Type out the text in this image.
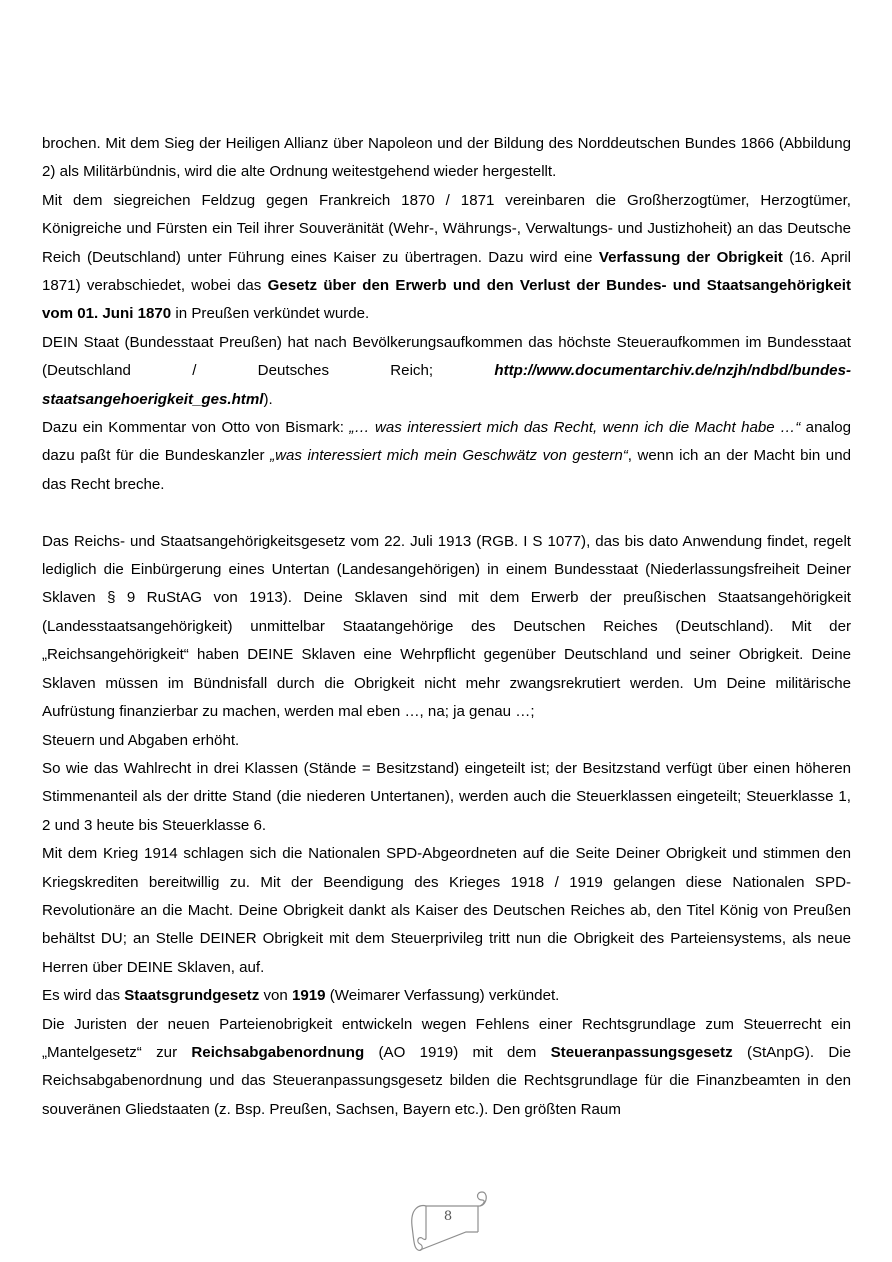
brochen. Mit dem Sieg der Heiligen Allianz über Napoleon und der Bildung des Norddeutschen Bundes 1866 (Abbildung 2) als Militärbündnis, wird die alte Ordnung weitestgehend wieder hergestellt.

Mit dem siegreichen Feldzug gegen Frankreich 1870 / 1871 vereinbaren die Großherzogtümer, Herzogtümer, Königreiche und Fürsten ein Teil ihrer Souveränität (Wehr-, Währungs-, Verwaltungs- und Justizhoheit) an das Deutsche Reich (Deutschland) unter Führung eines Kaiser zu übertragen. Dazu wird eine Verfassung der Obrigkeit (16. April 1871) verabschiedet, wobei das Gesetz über den Erwerb und den Verlust der Bundes- und Staatsangehörigkeit vom 01. Juni 1870 in Preußen verkündet wurde.

DEIN Staat (Bundesstaat Preußen) hat nach Bevölkerungsaufkommen das höchste Steueraufkommen im Bundesstaat (Deutschland / Deutsches Reich; http://www.documentarchiv.de/nzjh/ndbd/bundes-staatsangehoerigkeit_ges.html).

Dazu ein Kommentar von Otto von Bismark: „… was interessiert mich das Recht, wenn ich die Macht habe …“ analog dazu paßt für die Bundeskanzler „was interessiert mich mein Geschwätz von gestern“, wenn ich an der Macht bin und das Recht breche.

Das Reichs- und Staatsangehörigkeitsgesetz vom 22. Juli 1913 (RGB. I S 1077), das bis dato Anwendung findet, regelt lediglich die Einbürgerung eines Untertan (Landesangehörigen) in einem Bundesstaat (Niederlassungsfreiheit Deiner Sklaven § 9 RuStAG von 1913). Deine Sklaven sind mit dem Erwerb der preußischen Staatsangehörigkeit (Landesstaatsangehörigkeit) unmittelbar Staatangehörige des Deutschen Reiches (Deutschland). Mit der „Reichsangehörigkeit“ haben DEINE Sklaven eine Wehrpflicht gegenüber Deutschland und seiner Obrigkeit. Deine Sklaven müssen im Bündnisfall durch die Obrigkeit nicht mehr zwangsrekrutiert werden. Um Deine militärische Aufrüstung finanzierbar zu machen, werden mal eben …, na; ja genau …;

Steuern und Abgaben erhöht.

So wie das Wahlrecht in drei Klassen (Stände = Besitzstand) eingeteilt ist; der Besitzstand verfügt über einen höheren Stimmenanteil als der dritte Stand (die niederen Untertanen), werden auch die Steuerklassen eingeteilt; Steuerklasse 1, 2 und 3 heute bis Steuerklasse 6.

Mit dem Krieg 1914 schlagen sich die Nationalen SPD-Abgeordneten auf die Seite Deiner Obrigkeit und stimmen den Kriegskrediten bereitwillig zu. Mit der Beendigung des Krieges 1918 / 1919 gelangen diese Nationalen SPD-Revolutionäre an die Macht. Deine Obrigkeit dankt als Kaiser des Deutschen Reiches ab, den Titel König von Preußen behältst DU; an Stelle DEINER Obrigkeit mit dem Steuerprivileg tritt nun die Obrigkeit des Parteiensystems, als neue Herren über DEINE Sklaven, auf.

Es wird das Staatsgrundgesetz von 1919 (Weimarer Verfassung) verkündet.

Die Juristen der neuen Parteienobrigkeit entwickeln wegen Fehlens einer Rechtsgrundlage zum Steuerrecht ein „Mantelgesetz“ zur Reichsabgabenordnung (AO 1919) mit dem Steueranpassungsgesetz (StAnpG). Die Reichsabgabenordnung und das Steueranpassungsgesetz bilden die Rechtsgrundlage für die Finanzbeamten in den souveränen Gliedstaaten (z. Bsp. Preußen, Sachsen, Bayern etc.). Den größten Raum

8
